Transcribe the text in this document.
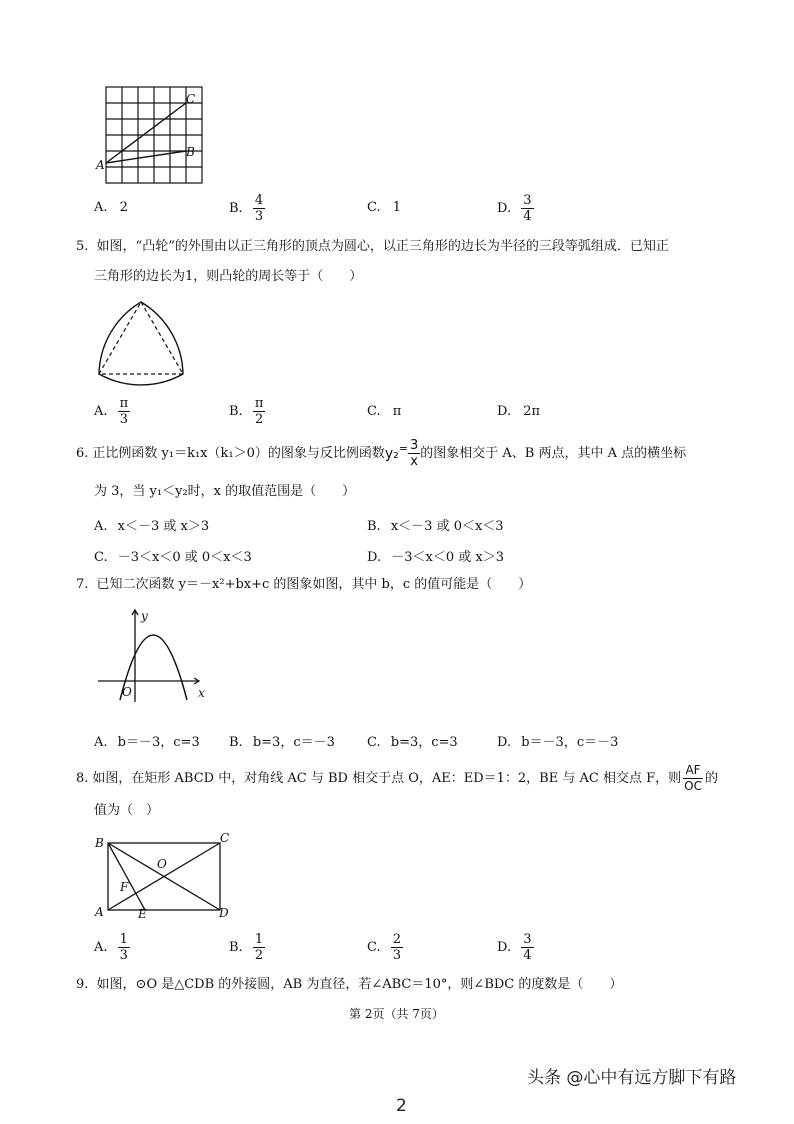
A
B
C
A. 2	B. $\frac{4}{3}$	C. 1	D. $\frac{3}{4}$
5. 如图，“凸轮”的外围由以正三角形的顶点为圆心，以正三角形的边长为半径的三段等弧组成．已知正
三角形的边长为1，则凸轮的周长等于（　　）
A. $\frac{\pi}{3}$	B. $\frac{\pi}{2}$	C. π	D. 2π
6. 正比例函数 y₁＝k₁x（k₁＞0）的图象与反比例函数 $y_2 = \frac{3}{x}$ 的图象相交于 A、B 两点，其中 A 点的横坐标
为 3，当 y₁＜y₂时，x 的取值范围是（　　）
A. x＜－3 或 x＞3	B. x＜－3 或 0＜x＜3
C. －3＜x＜0 或 0＜x＜3	D. －3＜x＜0 或 x＞3
7. 已知二次函数 y＝－x²+bx+c 的图象如图，其中 b，c 的值可能是（　　）
y
x
O
A. b＝－3，c=3 B. b=3，c＝－3 C. b=3，c=3	D. b＝－3，c＝－3
8. 如图，在矩形 ABCD 中，对角线 AC 与 BD 相交于点 O，AE：ED＝1：2，BE 与 AC 相交点 F，则 $\frac{AF}{OC}$ 的
值为（　）
B	C
A	D
E
F
O
A. $\frac{1}{3}$	B. $\frac{1}{2}$	C. $\frac{2}{3}$	D. $\frac{3}{4}$
9. 如图，⊙O 是△CDB 的外接圆，AB 为直径，若∠ABC＝10°，则∠BDC 的度数是（　　）
第 2页（共 7页）
头条 @心中有远方脚下有路
2
